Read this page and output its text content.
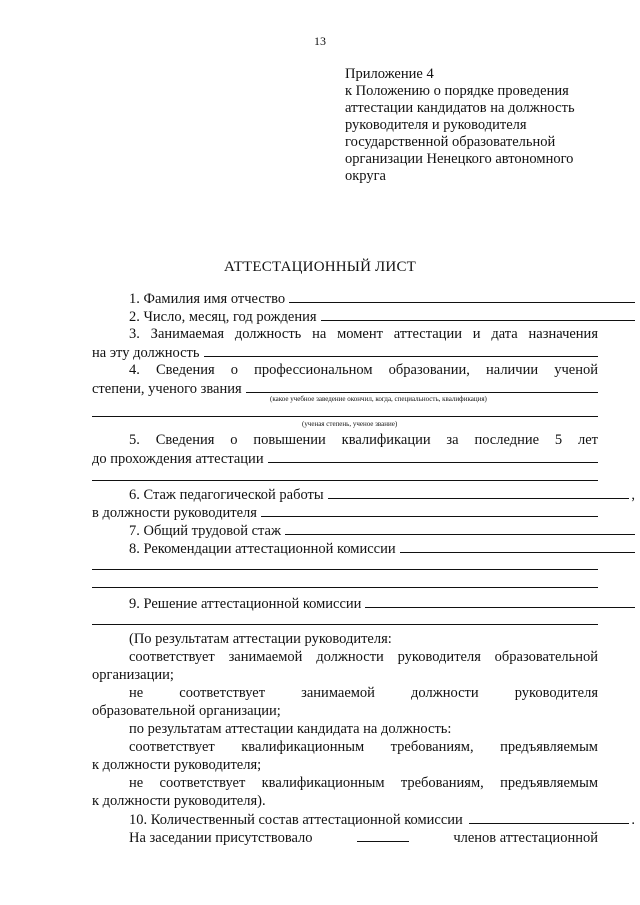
13
Приложение 4
к Положению о порядке проведения
аттестации кандидатов на должность
руководителя и руководителя
государственной образовательной
организации Ненецкого автономного
округа
АТТЕСТАЦИОННЫЙ ЛИСТ
1. Фамилия имя отчество
2. Число, месяц, год рождения
3. Занимаемая должность на момент аттестации и дата назначения
на эту должность
4. Сведения о профессиональном образовании, наличии ученой
степени, ученого звания
(какое учебное заведение окончил, когда, специальность, квалификация)
(ученая степень, ученое звание)
5. Сведения о повышении квалификации за последние 5 лет
до прохождения аттестации
6. Стаж педагогической работы	,
в должности руководителя
7. Общий трудовой стаж
8. Рекомендации аттестационной комиссии
9. Решение аттестационной комиссии
(По результатам аттестации руководителя:
соответствует занимаемой должности руководителя образовательной
организации;
не соответствует занимаемой должности руководителя
образовательной организации;
по результатам аттестации кандидата на должность:
соответствует квалификационным требованиям, предъявляемым
к должности руководителя;
не соответствует квалификационным требованиям, предъявляемым
к должности руководителя).
10. Количественный состав аттестационной комиссии	.
На заседании присутствовало	членов аттестационной
